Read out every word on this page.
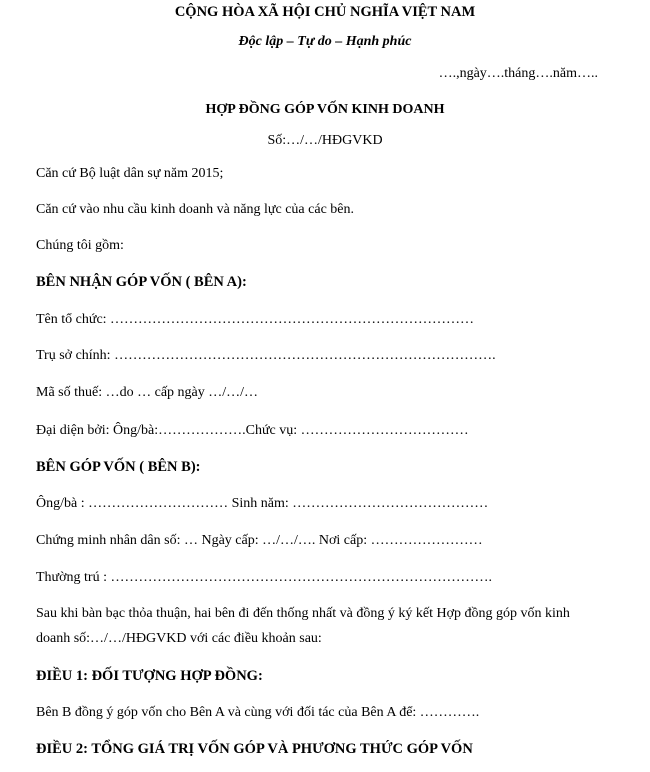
CỘNG HÒA XÃ HỘI CHỦ NGHĨA VIỆT NAM
Độc lập – Tự do – Hạnh phúc
….,ngày….tháng….năm…..
HỢP ĐỒNG GÓP VỐN KINH DOANH
Số:…/…/HĐGVKD
Căn cứ Bộ luật dân sự năm 2015;
Căn cứ vào nhu cầu kinh doanh và năng lực của các bên.
Chúng tôi gồm:
BÊN NHẬN GÓP VỐN ( BÊN A):
Tên tổ chức: ……………………………………………………………………
Trụ sở chính: ……………………………………………………………………….
Mã số thuế: …do … cấp ngày …/…/…
Đại diện bởi: Ông/bà:……………….Chức vụ: ………………………………
BÊN GÓP VỐN ( BÊN B):
Ông/bà : ………………………… Sinh năm: ……………………………………
Chứng minh nhân dân số: … Ngày cấp: …/…/…. Nơi cấp: ……………………
Thường trú : ……………………………………………………………………….
Sau khi bàn bạc thỏa thuận, hai bên đi đến thống nhất và đồng ý ký kết Hợp đồng góp vốn kinh
doanh số:…/…/HĐGVKD với các điều khoản sau:
ĐIỀU 1: ĐỐI TƯỢNG HỢP ĐỒNG:
Bên B đồng ý góp vốn cho Bên A và cùng với đối tác của Bên A để: ………….
ĐIỀU 2: TỔNG GIÁ TRỊ VỐN GÓP VÀ PHƯƠNG THỨC GÓP VỐN
